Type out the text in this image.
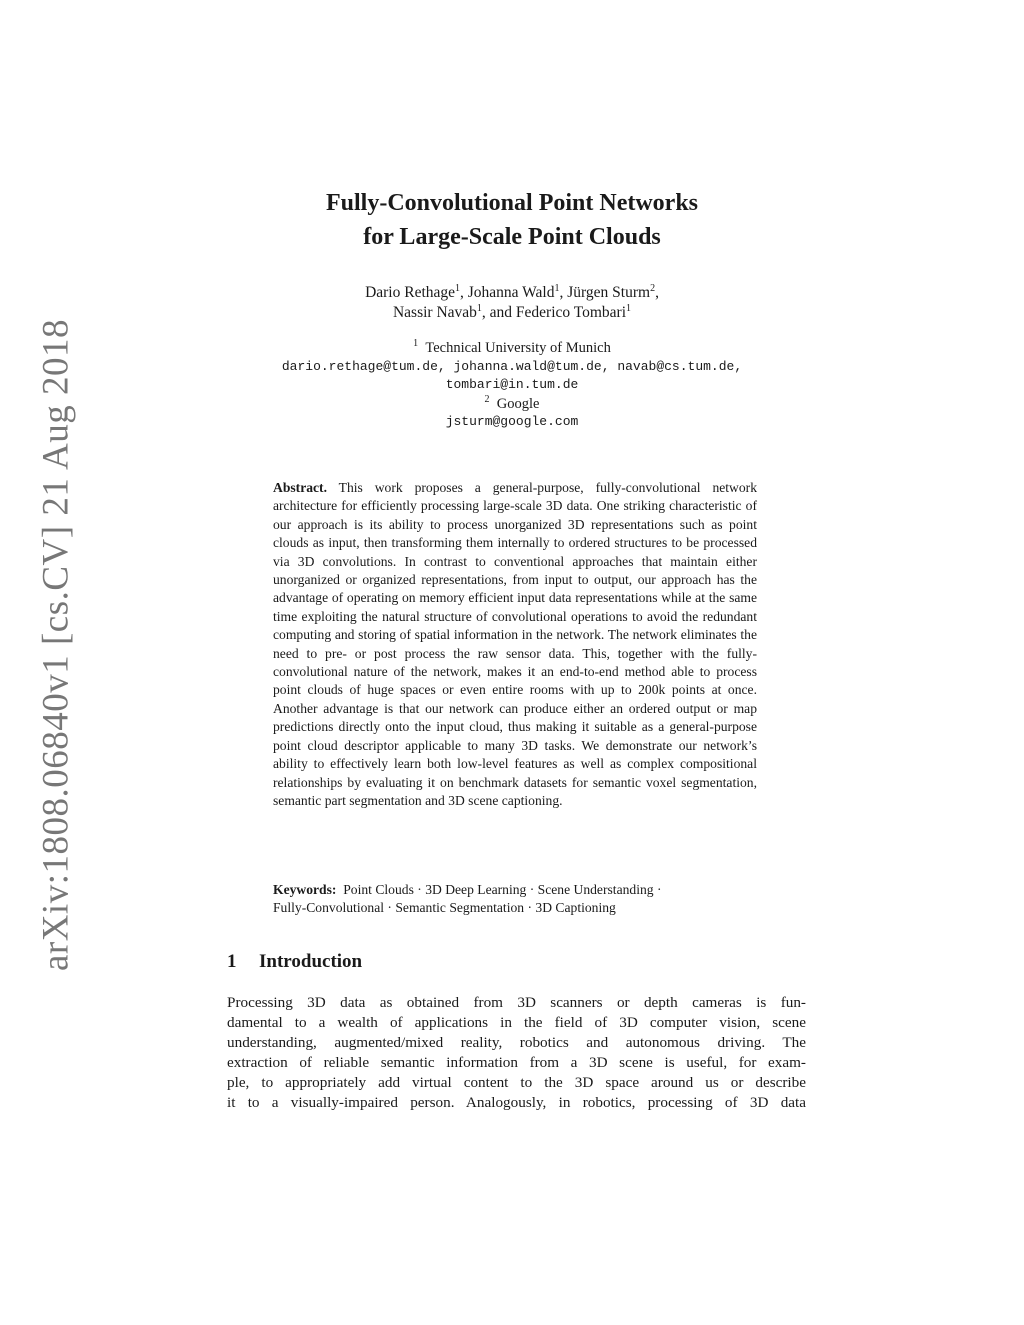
arXiv:1808.06840v1 [cs.CV] 21 Aug 2018
Fully-Convolutional Point Networks
for Large-Scale Point Clouds
Dario Rethage$^1$, Johanna Wald$^1$, Jürgen Sturm$^2$,
Nassir Navab$^1$, and Federico Tombari$^1$
$^1$ Technical University of Munich
dario.rethage@tum.de, johanna.wald@tum.de, navab@cs.tum.de,
tombari@in.tum.de
$^2$ Google
jsturm@google.com
Abstract. This work proposes a general-purpose, fully-convolutional network architecture for efficiently processing large-scale 3D data. One striking characteristic of our approach is its ability to process unorganized 3D representations such as point clouds as input, then transforming them internally to ordered structures to be processed via 3D convolutions. In contrast to conventional approaches that maintain either unorganized or organized representations, from input to output, our approach has the advantage of operating on memory efficient input data representations while at the same time exploiting the natural structure of convolutional operations to avoid the redundant computing and storing of spatial information in the network. The network eliminates the need to pre- or post process the raw sensor data. This, together with the fully-convolutional nature of the network, makes it an end-to-end method able to process point clouds of huge spaces or even entire rooms with up to 200k points at once. Another advantage is that our network can produce either an ordered output or map predictions directly onto the input cloud, thus making it suitable as a general-purpose point cloud descriptor applicable to many 3D tasks. We demonstrate our network’s ability to effectively learn both low-level features as well as complex compositional relationships by evaluating it on benchmark datasets for semantic voxel segmentation, semantic part segmentation and 3D scene captioning.
Keywords: Point Clouds · 3D Deep Learning · Scene Understanding ·
Fully-Convolutional · Semantic Segmentation · 3D Captioning
1 Introduction
Processing 3D data as obtained from 3D scanners or depth cameras is fun-
damental to a wealth of applications in the field of 3D computer vision, scene
understanding, augmented/mixed reality, robotics and autonomous driving. The
extraction of reliable semantic information from a 3D scene is useful, for exam-
ple, to appropriately add virtual content to the 3D space around us or describe
it to a visually-impaired person. Analogously, in robotics, processing of 3D data
